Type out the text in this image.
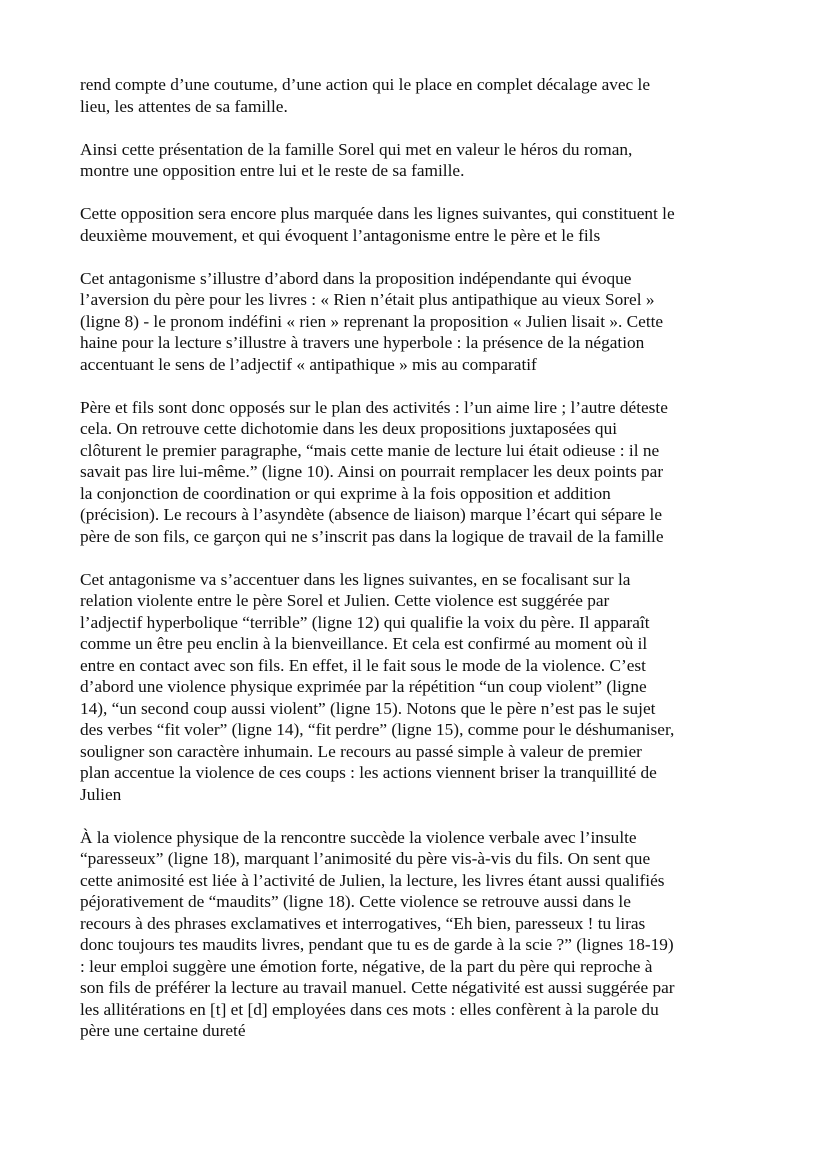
rend compte d’une coutume, d’une action qui le place en complet décalage avec le
lieu, les attentes de sa famille.
Ainsi cette présentation de la famille Sorel qui met en valeur le héros du roman,
montre une opposition entre lui et le reste de sa famille.
Cette opposition sera encore plus marquée dans les lignes suivantes, qui constituent le
deuxième mouvement, et qui évoquent l’antagonisme entre le père et le fils
Cet antagonisme s’illustre d’abord dans la proposition indépendante qui évoque
l’aversion du père pour les livres : « Rien n’était plus antipathique au vieux Sorel »
(ligne 8) - le pronom indéfini « rien » reprenant la proposition « Julien lisait ». Cette
haine pour la lecture s’illustre à travers une hyperbole : la présence de la négation
accentuant le sens de l’adjectif « antipathique » mis au comparatif
Père et fils sont donc opposés sur le plan des activités : l’un aime lire ; l’autre déteste
cela. On retrouve cette dichotomie dans les deux propositions juxtaposées qui
clôturent le premier paragraphe, “mais cette manie de lecture lui était odieuse : il ne
savait pas lire lui-même.” (ligne 10). Ainsi on pourrait remplacer les deux points par
la conjonction de coordination or qui exprime à la fois opposition et addition
(précision). Le recours à l’asyndète (absence de liaison) marque l’écart qui sépare le
père de son fils, ce garçon qui ne s’inscrit pas dans la logique de travail de la famille
Cet antagonisme va s’accentuer dans les lignes suivantes, en se focalisant sur la
relation violente entre le père Sorel et Julien. Cette violence est suggérée par
l’adjectif hyperbolique “terrible” (ligne 12) qui qualifie la voix du père. Il apparaît
comme un être peu enclin à la bienveillance. Et cela est confirmé au moment où il
entre en contact avec son fils. En effet, il le fait sous le mode de la violence. C’est
d’abord une violence physique exprimée par la répétition “un coup violent” (ligne
14), “un second coup aussi violent” (ligne 15). Notons que le père n’est pas le sujet
des verbes “fit voler” (ligne 14), “fit perdre” (ligne 15), comme pour le déshumaniser,
souligner son caractère inhumain. Le recours au passé simple à valeur de premier
plan accentue la violence de ces coups : les actions viennent briser la tranquillité de
Julien
À la violence physique de la rencontre succède la violence verbale avec l’insulte
“paresseux” (ligne 18), marquant l’animosité du père vis-à-vis du fils. On sent que
cette animosité est liée à l’activité de Julien, la lecture, les livres étant aussi qualifiés
péjorativement de “maudits” (ligne 18). Cette violence se retrouve aussi dans le
recours à des phrases exclamatives et interrogatives, “Eh bien, paresseux ! tu liras
donc toujours tes maudits livres, pendant que tu es de garde à la scie ?” (lignes 18-19)
: leur emploi suggère une émotion forte, négative, de la part du père qui reproche à
son fils de préférer la lecture au travail manuel. Cette négativité est aussi suggérée par
les allitérations en [t] et [d] employées dans ces mots : elles confèrent à la parole du
père une certaine dureté
